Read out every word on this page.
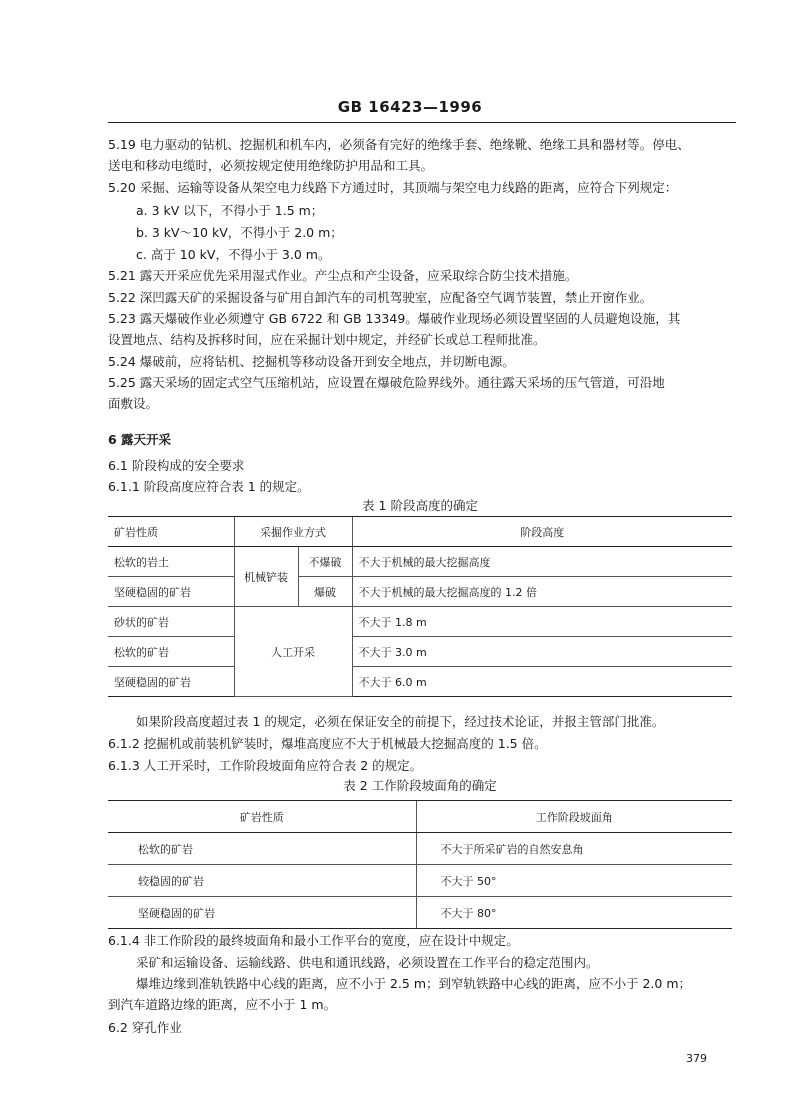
GB 16423—1996
5.19 电力驱动的钻机、挖掘机和机车内，必须备有完好的绝缘手套、绝缘靴、绝缘工具和器材等。停电、
送电和移动电缆时，必须按规定使用绝缘防护用品和工具。
5.20 采掘、运输等设备从架空电力线路下方通过时，其顶端与架空电力线路的距离，应符合下列规定：
a. 3 kV 以下，不得小于 1.5 m；
b. 3 kV～10 kV，不得小于 2.0 m；
c. 高于 10 kV，不得小于 3.0 m。
5.21 露天开采应优先采用湿式作业。产尘点和产尘设备，应采取综合防尘技术措施。
5.22 深凹露天矿的采掘设备与矿用自卸汽车的司机驾驶室，应配备空气调节装置，禁止开窗作业。
5.23 露天爆破作业必须遵守 GB 6722 和 GB 13349。爆破作业现场必须设置坚固的人员避炮设施，其
设置地点、结构及拆移时间，应在采掘计划中规定，并经矿长或总工程师批准。
5.24 爆破前，应将钻机、挖掘机等移动设备开到安全地点，并切断电源。
5.25 露天采场的固定式空气压缩机站，应设置在爆破危险界线外。通往露天采场的压气管道，可沿地
面敷设。
6 露天开采
6.1 阶段构成的安全要求
6.1.1 阶段高度应符合表 1 的规定。
表 1 阶段高度的确定
矿岩性质	采掘作业方式		阶段高度
松软的岩土	机械铲装	不爆破	不大于机械的最大挖掘高度
坚硬稳固的矿岩		爆破	不大于机械的最大挖掘高度的 1.2 倍
砂状的矿岩	人工开采		不大于 1.8 m
松软的矿岩			不大于 3.0 m
坚硬稳固的矿岩			不大于 6.0 m
如果阶段高度超过表 1 的规定，必须在保证安全的前提下，经过技术论证，并报主管部门批准。
6.1.2 挖掘机或前装机铲装时，爆堆高度应不大于机械最大挖掘高度的 1.5 倍。
6.1.3 人工开采时，工作阶段坡面角应符合表 2 的规定。
表 2 工作阶段坡面角的确定
矿岩性质	工作阶段坡面角
松软的矿岩	不大于所采矿岩的自然安息角
较稳固的矿岩	不大于 50°
坚硬稳固的矿岩	不大于 80°
6.1.4 非工作阶段的最终坡面角和最小工作平台的宽度，应在设计中规定。
采矿和运输设备、运输线路、供电和通讯线路，必须设置在工作平台的稳定范围内。
爆堆边缘到准轨铁路中心线的距离，应不小于 2.5 m；到窄轨铁路中心线的距离，应不小于 2.0 m；
到汽车道路边缘的距离，应不小于 1 m。
6.2 穿孔作业
379
